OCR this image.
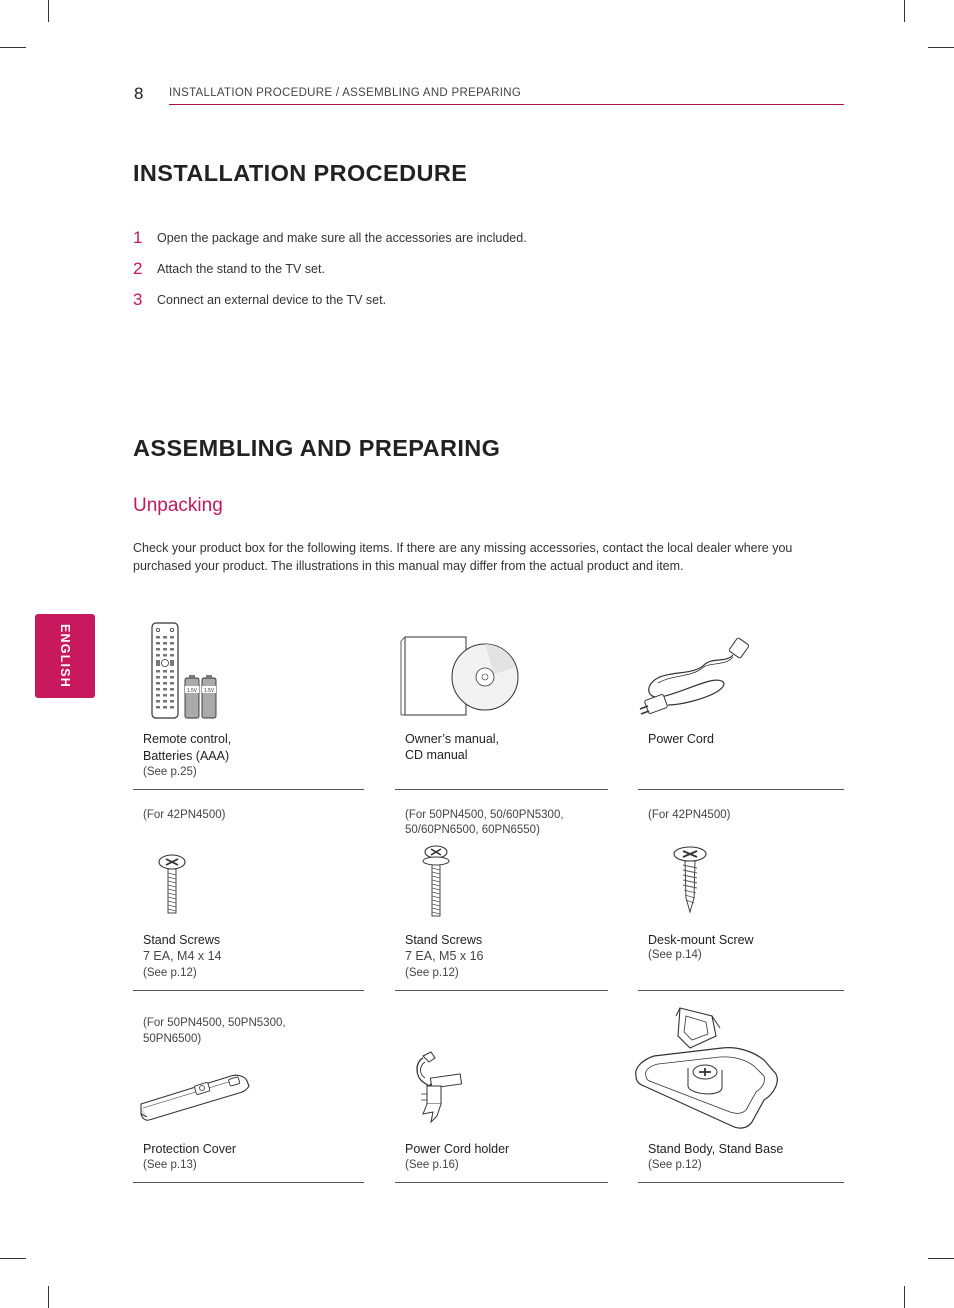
8 INSTALLATION PROCEDURE / ASSEMBLING AND PREPARING
INSTALLATION PROCEDURE
1 Open the package and make sure all the accessories are included.
2 Attach the stand to the TV set.
3 Connect an external device to the TV set.
ASSEMBLING AND PREPARING
Unpacking
Check your product box for the following items. If there are any missing accessories, contact the local dealer where you
purchased your product. The illustrations in this manual may differ from the actual product and item.
ENGLISH
1.5V 1.5V
Remote control,
Batteries (AAA)
(See p.25)
Owner’s manual,
CD manual
Power Cord
(For 42PN4500)
Stand Screws
7 EA, M4 x 14
(See p.12)
(For 50PN4500, 50/60PN5300,
50/60PN6500, 60PN6550)
Stand Screws
7 EA, M5 x 16
(See p.12)
(For 42PN4500)
Desk-mount Screw
(See p.14)
(For 50PN4500, 50PN5300,
50PN6500)
Protection Cover
(See p.13)
Power Cord holder
(See p.16)
Stand Body, Stand Base
(See p.12)
